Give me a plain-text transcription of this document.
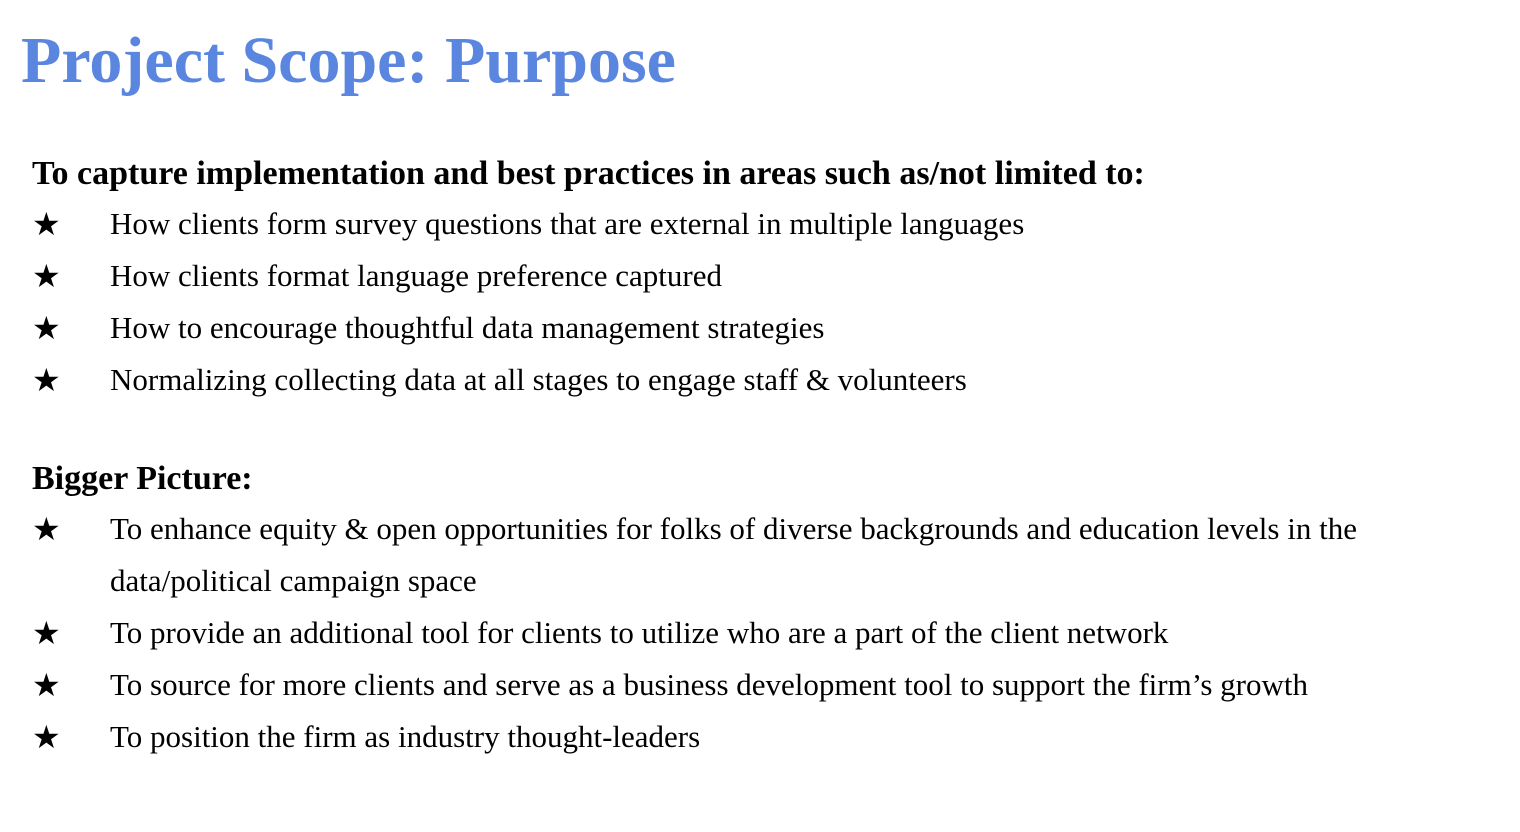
Project Scope: Purpose

To capture implementation and best practices in areas such as/not limited to:

★ How clients form survey questions that are external in multiple languages
★ How clients format language preference captured
★ How to encourage thoughtful data management strategies
★ Normalizing collecting data at all stages to engage staff & volunteers

Bigger Picture:

★ To enhance equity & open opportunities for folks of diverse backgrounds and education levels in the data/political campaign space
★ To provide an additional tool for clients to utilize who are a part of the client network
★ To source for more clients and serve as a business development tool to support the firm’s growth
★ To position the firm as industry thought-leaders
